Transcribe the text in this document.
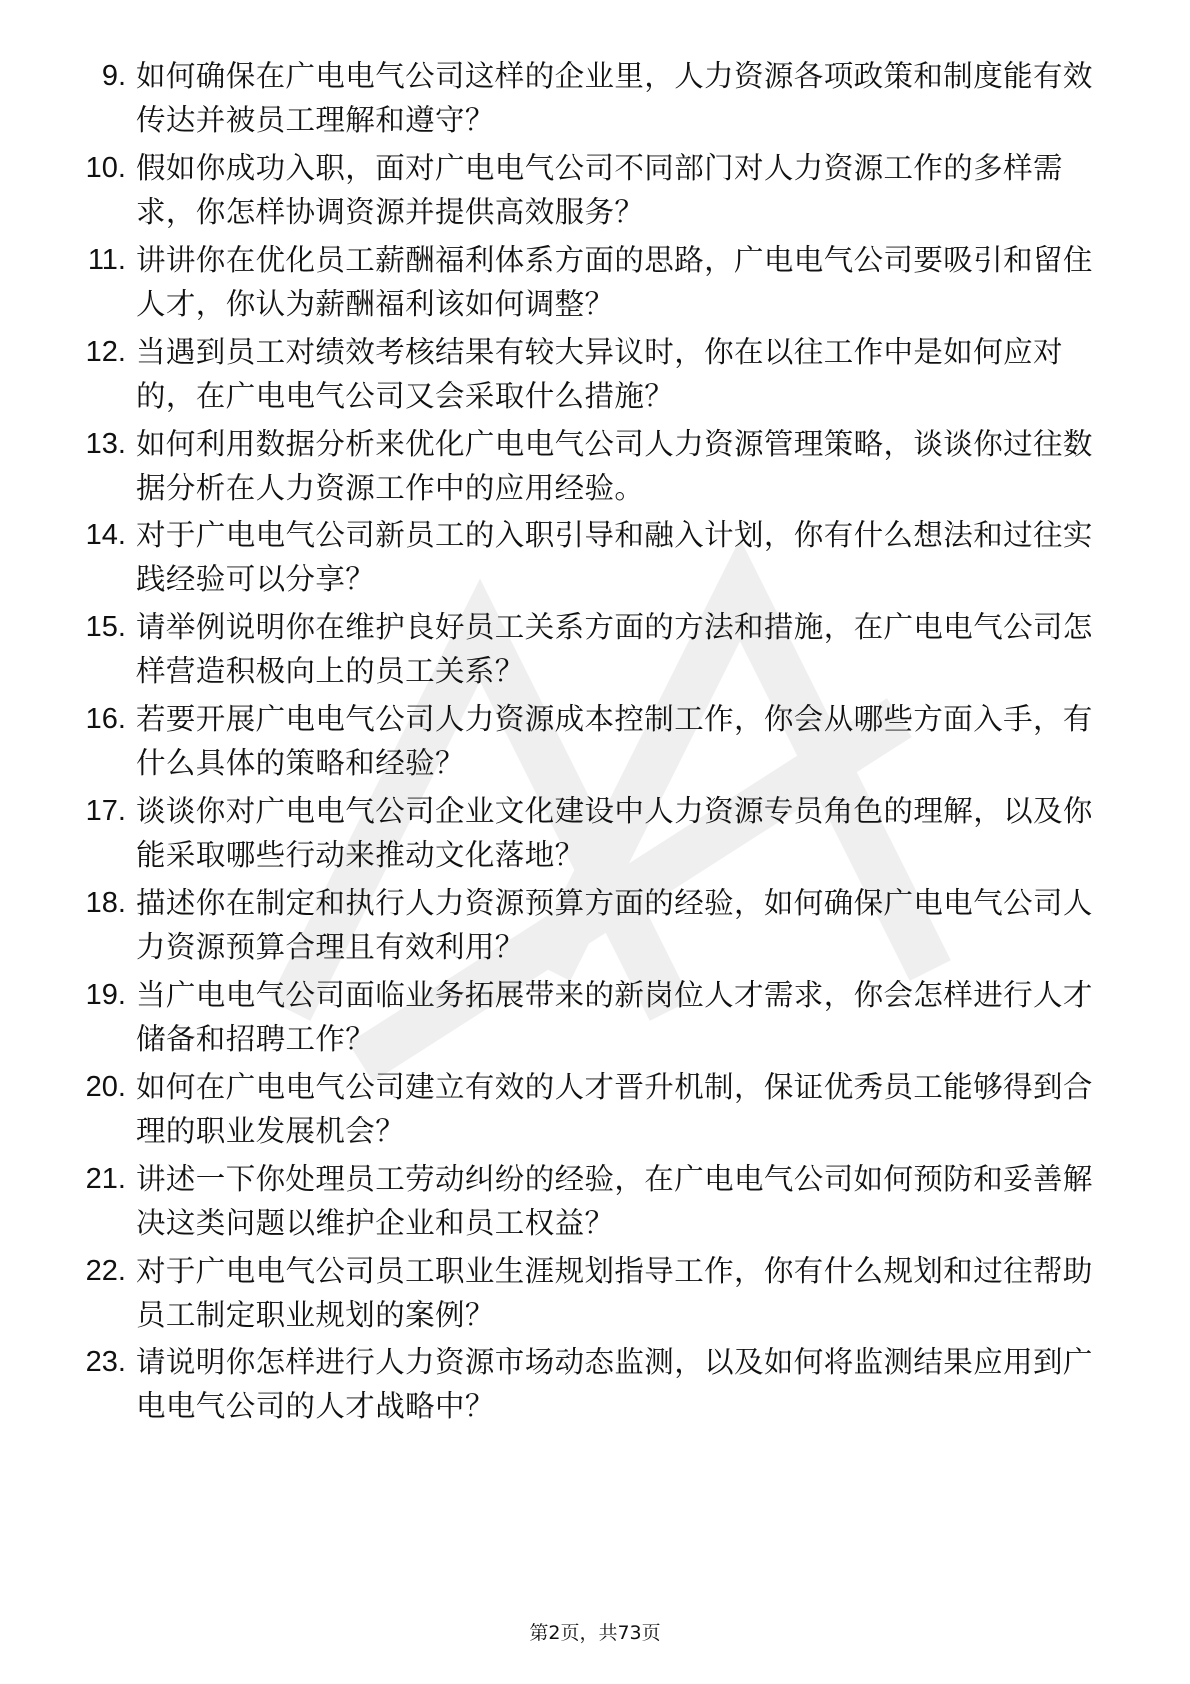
9. 如何确保在广电电气公司这样的企业里，人力资源各项政策和制度能有效传达并被员工理解和遵守？
10. 假如你成功入职，面对广电电气公司不同部门对人力资源工作的多样需求，你怎样协调资源并提供高效服务？
11. 讲讲你在优化员工薪酬福利体系方面的思路，广电电气公司要吸引和留住人才，你认为薪酬福利该如何调整？
12. 当遇到员工对绩效考核结果有较大异议时，你在以往工作中是如何应对的，在广电电气公司又会采取什么措施？
13. 如何利用数据分析来优化广电电气公司人力资源管理策略，谈谈你过往数据分析在人力资源工作中的应用经验。
14. 对于广电电气公司新员工的入职引导和融入计划，你有什么想法和过往实践经验可以分享？
15. 请举例说明你在维护良好员工关系方面的方法和措施，在广电电气公司怎样营造积极向上的员工关系？
16. 若要开展广电电气公司人力资源成本控制工作，你会从哪些方面入手，有什么具体的策略和经验？
17. 谈谈你对广电电气公司企业文化建设中人力资源专员角色的理解，以及你能采取哪些行动来推动文化落地？
18. 描述你在制定和执行人力资源预算方面的经验，如何确保广电电气公司人力资源预算合理且有效利用？
19. 当广电电气公司面临业务拓展带来的新岗位人才需求，你会怎样进行人才储备和招聘工作？
20. 如何在广电电气公司建立有效的人才晋升机制，保证优秀员工能够得到合理的职业发展机会？
21. 讲述一下你处理员工劳动纠纷的经验，在广电电气公司如何预防和妥善解决这类问题以维护企业和员工权益？
22. 对于广电电气公司员工职业生涯规划指导工作，你有什么规划和过往帮助员工制定职业规划的案例？
23. 请说明你怎样进行人力资源市场动态监测，以及如何将监测结果应用到广电电气公司的人才战略中？
第2页，共73页
